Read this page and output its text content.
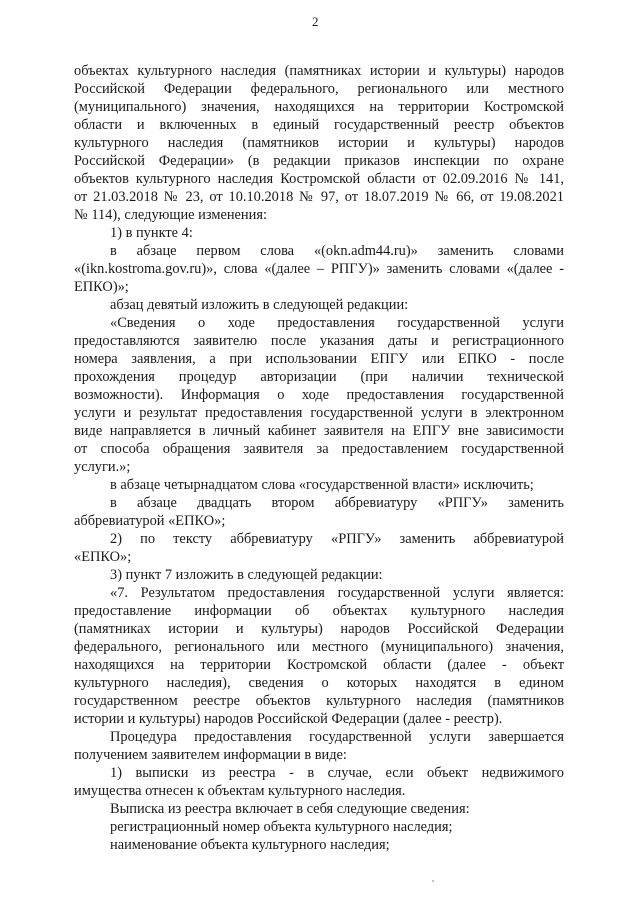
2
объектах культурного наследия (памятниках истории и культуры) народов
Российской Федерации федерального, регионального или местного
(муниципального) значения, находящихся на территории Костромской
области и включенных в единый государственный реестр объектов
культурного наследия (памятников истории и культуры) народов
Российской Федерации» (в редакции приказов инспекции по охране
объектов культурного наследия Костромской области от 02.09.2016 № 141,
от 21.03.2018 № 23, от 10.10.2018 № 97, от 18.07.2019 № 66, от 19.08.2021
№ 114), следующие изменения:
1) в пункте 4:
в абзаце первом слова «(okn.adm44.ru)» заменить словами
«(ikn.kostroma.gov.ru)», слова «(далее – РПГУ)» заменить словами «(далее -
ЕПКО)»;
абзац девятый изложить в следующей редакции:
«Сведения о ходе предоставления государственной услуги
предоставляются заявителю после указания даты и регистрационного
номера заявления, а при использовании ЕПГУ или ЕПКО - после
прохождения процедур авторизации (при наличии технической
возможности). Информация о ходе предоставления государственной
услуги и результат предоставления государственной услуги в электронном
виде направляется в личный кабинет заявителя на ЕПГУ вне зависимости
от способа обращения заявителя за предоставлением государственной
услуги.»;
в абзаце четырнадцатом слова «государственной власти» исключить;
в абзаце двадцать втором аббревиатуру «РПГУ» заменить
аббревиатурой «ЕПКО»;
2) по тексту аббревиатуру «РПГУ» заменить аббревиатурой
«ЕПКО»;
3) пункт 7 изложить в следующей редакции:
«7. Результатом предоставления государственной услуги является:
предоставление информации об объектах культурного наследия
(памятниках истории и культуры) народов Российской Федерации
федерального, регионального или местного (муниципального) значения,
находящихся на территории Костромской области (далее - объект
культурного наследия), сведения о которых находятся в едином
государственном реестре объектов культурного наследия (памятников
истории и культуры) народов Российской Федерации (далее - реестр).
Процедура предоставления государственной услуги завершается
получением заявителем информации в виде:
1) выписки из реестра - в случае, если объект недвижимого
имущества отнесен к объектам культурного наследия.
Выписка из реестра включает в себя следующие сведения:
регистрационный номер объекта культурного наследия;
наименование объекта культурного наследия;
